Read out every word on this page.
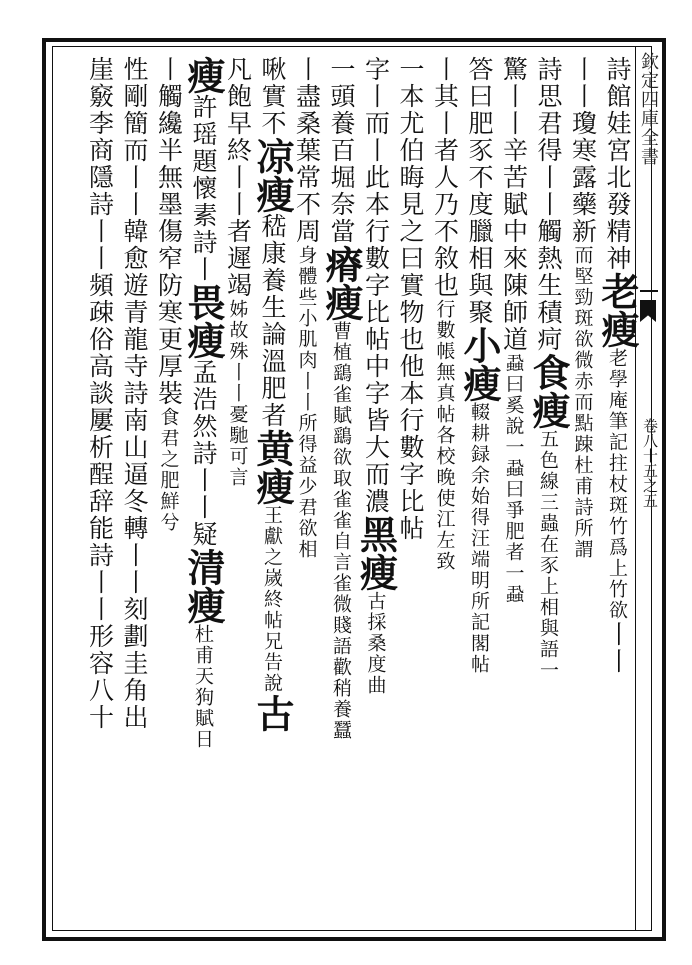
欽定四庫全書
卷八十五之五
詩館娃宮北發精神老瘦老學庵筆記拄杖斑竹爲上竹欲丨丨
丨丨瓊寒露藥新而堅勁斑欲微赤而點踈杜甫詩所謂
詩思君得丨丨觸熱生積疴食瘦五色線三蟲在豕上相與語一
驚丨丨辛苦賦中來陳師道蝨曰奚說一蝨曰爭肥者一蝨
答曰肥豕不度臘相與聚小瘦輟耕録余始得汪端明所記閣帖
丨其丨者人乃不敘也行數帳無真帖各校晚使江左致
一本尤伯晦見之曰實物也他本行數字比帖
字丨而丨此本行數字比帖中字皆大而濃黑瘦古採桑度曲
一頭養百堀奈當瘠瘦曹植鷂雀賦鷂欲取雀雀自言雀微賤語歡稍養蠶
丨盡桑葉常不周身體些小肌肉丨丨所得益少君欲相
啾實不凉瘦嵇康養生論溫肥者黄瘦王獻之嵗終帖兄告說古
凡飽早終丨丨者遲竭姊故殊丨丨憂馳可言
瘦許瑶題懷素詩丨畏瘦孟浩然詩丨丨疑清瘦杜甫天狗賦日
丨觸纔半無墨傷窄防寒更厚裝食君之肥鮮兮
性剛簡而丨丨韓愈遊青龍寺詩南山逼冬轉丨丨刻劃圭角出
崖竅李商隱詩丨丨頻疎俗高談屢析酲辞能詩丨丨形容八十
